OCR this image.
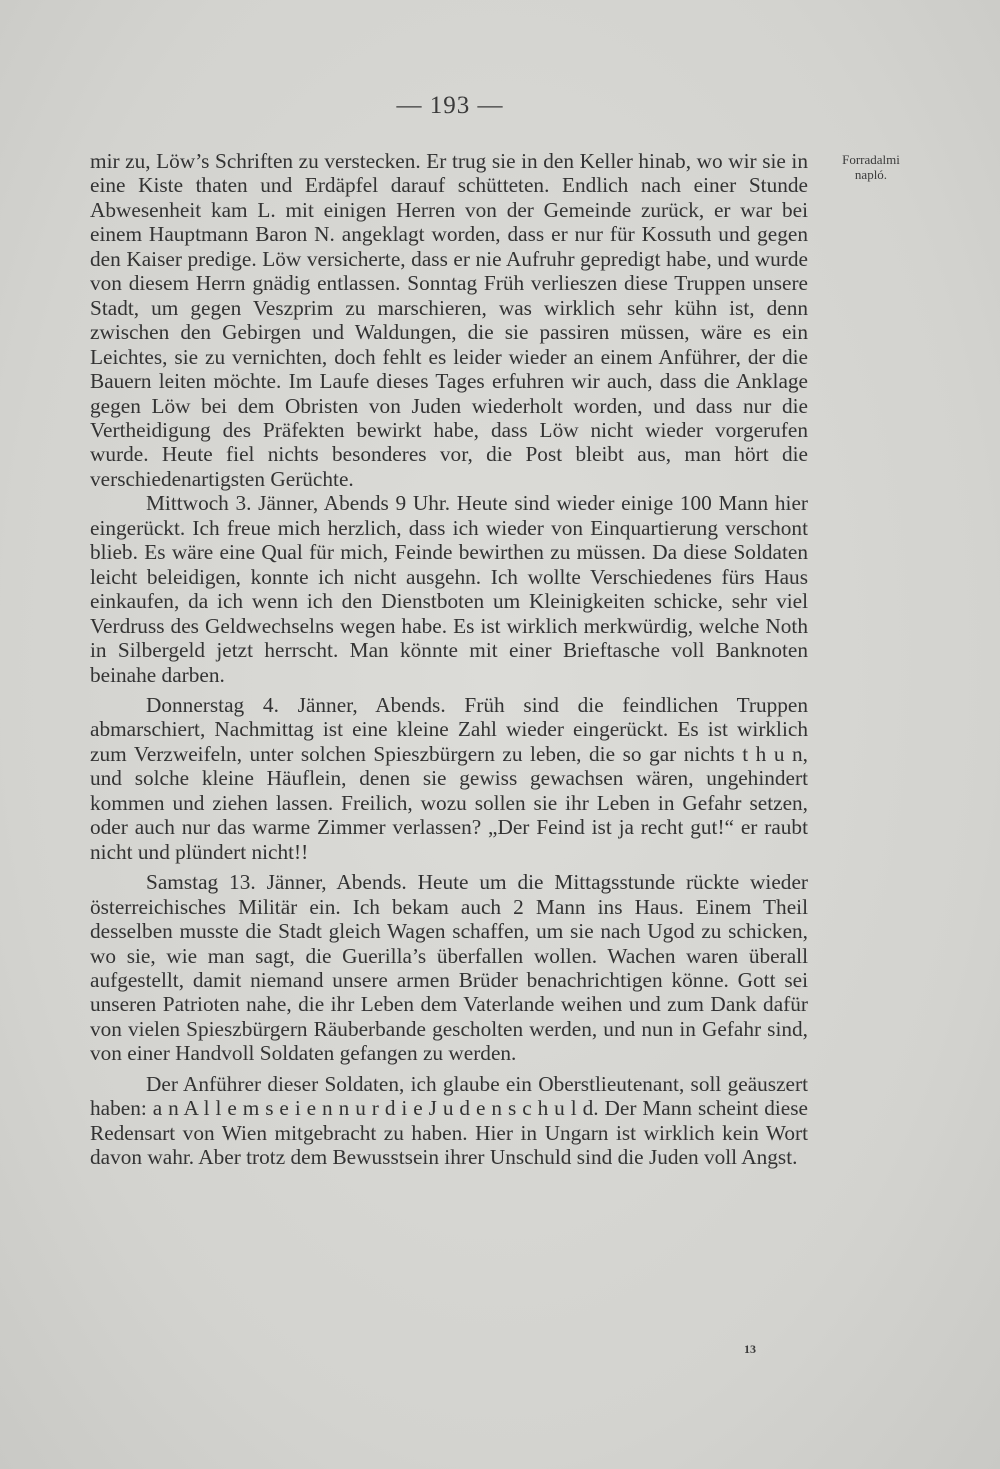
— 193 —
Forradalmi
napló.

mir zu, Löw’s Schriften zu verstecken. Er trug sie in den Keller hinab, wo wir sie in eine Kiste thaten und Erdäpfel darauf schütteten. Endlich nach einer Stunde Abwesenheit kam L. mit einigen Herren von der Gemeinde zurück, er war bei einem Hauptmann Baron N. angeklagt worden, dass er nur für Kossuth und gegen den Kaiser predige. Löw versicherte, dass er nie Aufruhr gepredigt habe, und wurde von diesem Herrn gnädig entlassen. Sonntag Früh verlieszen diese Truppen unsere Stadt, um gegen Veszprim zu marschieren, was wirklich sehr kühn ist, denn zwischen den Gebirgen und Waldungen, die sie passiren müssen, wäre es ein Leichtes, sie zu vernichten, doch fehlt es leider wieder an einem Anführer, der die Bauern leiten möchte. Im Laufe dieses Tages erfuhren wir auch, dass die Anklage gegen Löw bei dem Obristen von Juden wiederholt worden, und dass nur die Vertheidigung des Präfekten bewirkt habe, dass Löw nicht wieder vorgerufen wurde. Heute fiel nichts besonderes vor, die Post bleibt aus, man hört die verschiedenartigsten Gerüchte.

Mittwoch 3. Jänner, Abends 9 Uhr. Heute sind wieder einige 100 Mann hier eingerückt. Ich freue mich herzlich, dass ich wieder von Einquartierung verschont blieb. Es wäre eine Qual für mich, Feinde bewirthen zu müssen. Da diese Soldaten leicht beleidigen, konnte ich nicht ausgehn. Ich wollte Verschiedenes fürs Haus einkaufen, da ich wenn ich den Dienstboten um Kleinigkeiten schicke, sehr viel Verdruss des Geldwechselns wegen habe. Es ist wirklich merkwürdig, welche Noth in Silbergeld jetzt herrscht. Man könnte mit einer Brieftasche voll Banknoten beinahe darben.

Donnerstag 4. Jänner, Abends. Früh sind die feindlichen Truppen abmarschiert, Nachmittag ist eine kleine Zahl wieder eingerückt. Es ist wirklich zum Verzweifeln, unter solchen Spieszbürgern zu leben, die so gar nichts t h u n, und solche kleine Häuflein, denen sie gewiss gewachsen wären, ungehindert kommen und ziehen lassen. Freilich, wozu sollen sie ihr Leben in Gefahr setzen, oder auch nur das warme Zimmer verlassen? „Der Feind ist ja recht gut!“ er raubt nicht und plündert nicht!!

Samstag 13. Jänner, Abends. Heute um die Mittagsstunde rückte wieder österreichisches Militär ein. Ich bekam auch 2 Mann ins Haus. Einem Theil desselben musste die Stadt gleich Wagen schaffen, um sie nach Ugod zu schicken, wo sie, wie man sagt, die Guerilla’s überfallen wollen. Wachen waren überall aufgestellt, damit niemand unsere armen Brüder benachrichtigen könne. Gott sei unseren Patrioten nahe, die ihr Leben dem Vaterlande weihen und zum Dank dafür von vielen Spieszbürgern Räuberbande gescholten werden, und nun in Gefahr sind, von einer Handvoll Soldaten gefangen zu werden.

Der Anführer dieser Soldaten, ich glaube ein Oberstlieutenant, soll geäuszert haben: a n A l l e m s e i e n n u r d i e J u d e n s c h u l d. Der Mann scheint diese Redensart von Wien mitgebracht zu haben. Hier in Ungarn ist wirklich kein Wort davon wahr. Aber trotz dem Bewusstsein ihrer Unschuld sind die Juden voll Angst.

13
